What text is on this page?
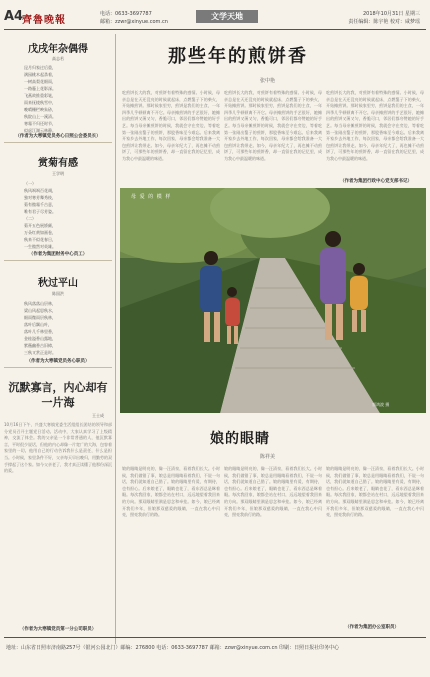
A4
齊魯晚報
电话：0633-3697787
邮箱：zzwr@xinyue.com.cn
文学天地	2018年10月31日 星期三
责任编辑：陈宇艳 校对：咸梦瑶
戊戌年杂偶得
高志若
昆月归家过后重，
满园桃木起杀着，
一树高梨花细雨，
一路藤上花影深。
飞燕故推重彩笔，
雨来抚棱秋雪中，
晚晴栅栏映朱砂，
秋院山上一溪清。
寒霜不归还时节，
似虑江湖云林静。
（作者为大寒镇党员务心日照公会委员长）
赏菊有感
王学明
（一）
秋风飒飒百花凋，
独对寒芳舞秀枝，
菊有傲霜千古意，
唯有君子尽芳姿。
（二）
菊开五色展娇颜，
万朵红黄如画卷，
秋来不似花春日，
一生傲然对英雄。
（作者为集团财务中心员工）
秋过平山
陈国洪
秋风落落山层林，
梁山风起思秋水，
细雨微雨层秋林，
落叶后飘山叶，
落叶几千林里香，
金桂溢香山露地，
紫薇幽香古旧樟，
三秋又赏正是时。
（作者为大寒镇党员务心职员）
沉默寡言，内心却有一片海
王士成
10月16日下午，兴盛大寒镇党委生活组组长团结的领导和部分党员召开主题党日活动。活动中，大家认真学习了上级精神，交流了体会。我的父亲是一个非常普通的人，他沉默寡言，平时很少说话，但他的内心却像一片宽广的大海，包容着家里的一切。他用自己的行动告诉我什么是责任，什么是担当。小时候，家里条件不好，父亲每天早出晚归，用勤劳的双手撑起了这个家。如今父亲老了，我才真正读懂了他那份深沉的爱。
（作者为大寒镇党员第一分公司职员）
那些年的煎饼香
张中艳
吃煎饼长大的我，对煎饼有着特殊的感情。小时候，母亲总是在天还没亮的时候就起床，点燃鏊子下的柴火，开始摊煎饼。那时候家里穷，煎饼是我们的主食，一年四季几乎顿顿离不开它。母亲摊煎饼的手艺很好，她摊出的煎饼又薄又匀，香脆可口，邻居们都夸赞她的好手艺。每当母亲摊煎饼的时候，我就会守在旁边，等着吃第一张刚出鏊子的煎饼，那股香味至今难忘。后来我离开家乡去外地工作，每次回家，母亲都会给我准备一大包煎饼让我带走。如今，母亲年纪大了，再也摊不动煎饼了，可那些年的煎饼香，却一直留在我的记忆里，成为我心中最温暖的味道。
吃煎饼长大的我，对煎饼有着特殊的感情。小时候，母亲总是在天还没亮的时候就起床，点燃鏊子下的柴火，开始摊煎饼。那时候家里穷，煎饼是我们的主食，一年四季几乎顿顿离不开它。母亲摊煎饼的手艺很好，她摊出的煎饼又薄又匀，香脆可口，邻居们都夸赞她的好手艺。每当母亲摊煎饼的时候，我就会守在旁边，等着吃第一张刚出鏊子的煎饼，那股香味至今难忘。后来我离开家乡去外地工作，每次回家，母亲都会给我准备一大包煎饼让我带走。如今，母亲年纪大了，再也摊不动煎饼了，可那些年的煎饼香，却一直留在我的记忆里，成为我心中最温暖的味道。
吃煎饼长大的我，对煎饼有着特殊的感情。小时候，母亲总是在天还没亮的时候就起床，点燃鏊子下的柴火，开始摊煎饼。那时候家里穷，煎饼是我们的主食，一年四季几乎顿顿离不开它。母亲摊煎饼的手艺很好，她摊出的煎饼又薄又匀，香脆可口，邻居们都夸赞她的好手艺。每当母亲摊煎饼的时候，我就会守在旁边，等着吃第一张刚出鏊子的煎饼，那股香味至今难忘。后来我离开家乡去外地工作，每次回家，母亲都会给我准备一大包煎饼让我带走。如今，母亲年纪大了，再也摊不动煎饼了，可那些年的煎饼香，却一直留在我的记忆里，成为我心中最温暖的味道。
（作者为集团行政中心党支部书记）
母 爱 的 模 样
郭鸿波 摄
娘的眼睛
陈祥美
娘的眼睛是明亮的，像一汪清泉，看着我们长大。小时候，我们做错了事，娘总是用眼睛看着我们，不说一句话，我们就知道自己错了。娘的眼睛里有爱，有期待，也有担心。后来娘老了，眼睛也花了，看东西总是眯着眼。每次我回家，娘都会站在村口，远远地望着我回来的方向。那双眼睛里满是思念和牵挂。如今，娘已经离开我们多年，但娘那双慈爱的眼睛，一直在我心中闪亮，照亮我前行的路。
娘的眼睛是明亮的，像一汪清泉，看着我们长大。小时候，我们做错了事，娘总是用眼睛看着我们，不说一句话，我们就知道自己错了。娘的眼睛里有爱，有期待，也有担心。后来娘老了，眼睛也花了，看东西总是眯着眼。每次我回家，娘都会站在村口，远远地望着我回来的方向。那双眼睛里满是思念和牵挂。如今，娘已经离开我们多年，但娘那双慈爱的眼睛，一直在我心中闪亮，照亮我前行的路。
娘的眼睛是明亮的，像一汪清泉，看着我们长大。小时候，我们做错了事，娘总是用眼睛看着我们，不说一句话，我们就知道自己错了。娘的眼睛里有爱，有期待，也有担心。后来娘老了，眼睛也花了，看东西总是眯着眼。每次我回家，娘都会站在村口，远远地望着我回来的方向。那双眼睛里满是思念和牵挂。如今，娘已经离开我们多年，但娘那双慈爱的眼睛，一直在我心中闪亮，照亮我前行的路。
（作者为集团办公室职员）
地址：山东省日照市济南路257号（银河公园北门）邮编：276800 电话：0633-3697787 邮箱：zzwr@xinyue.com.cn 印刷：日照日报社印务中心
